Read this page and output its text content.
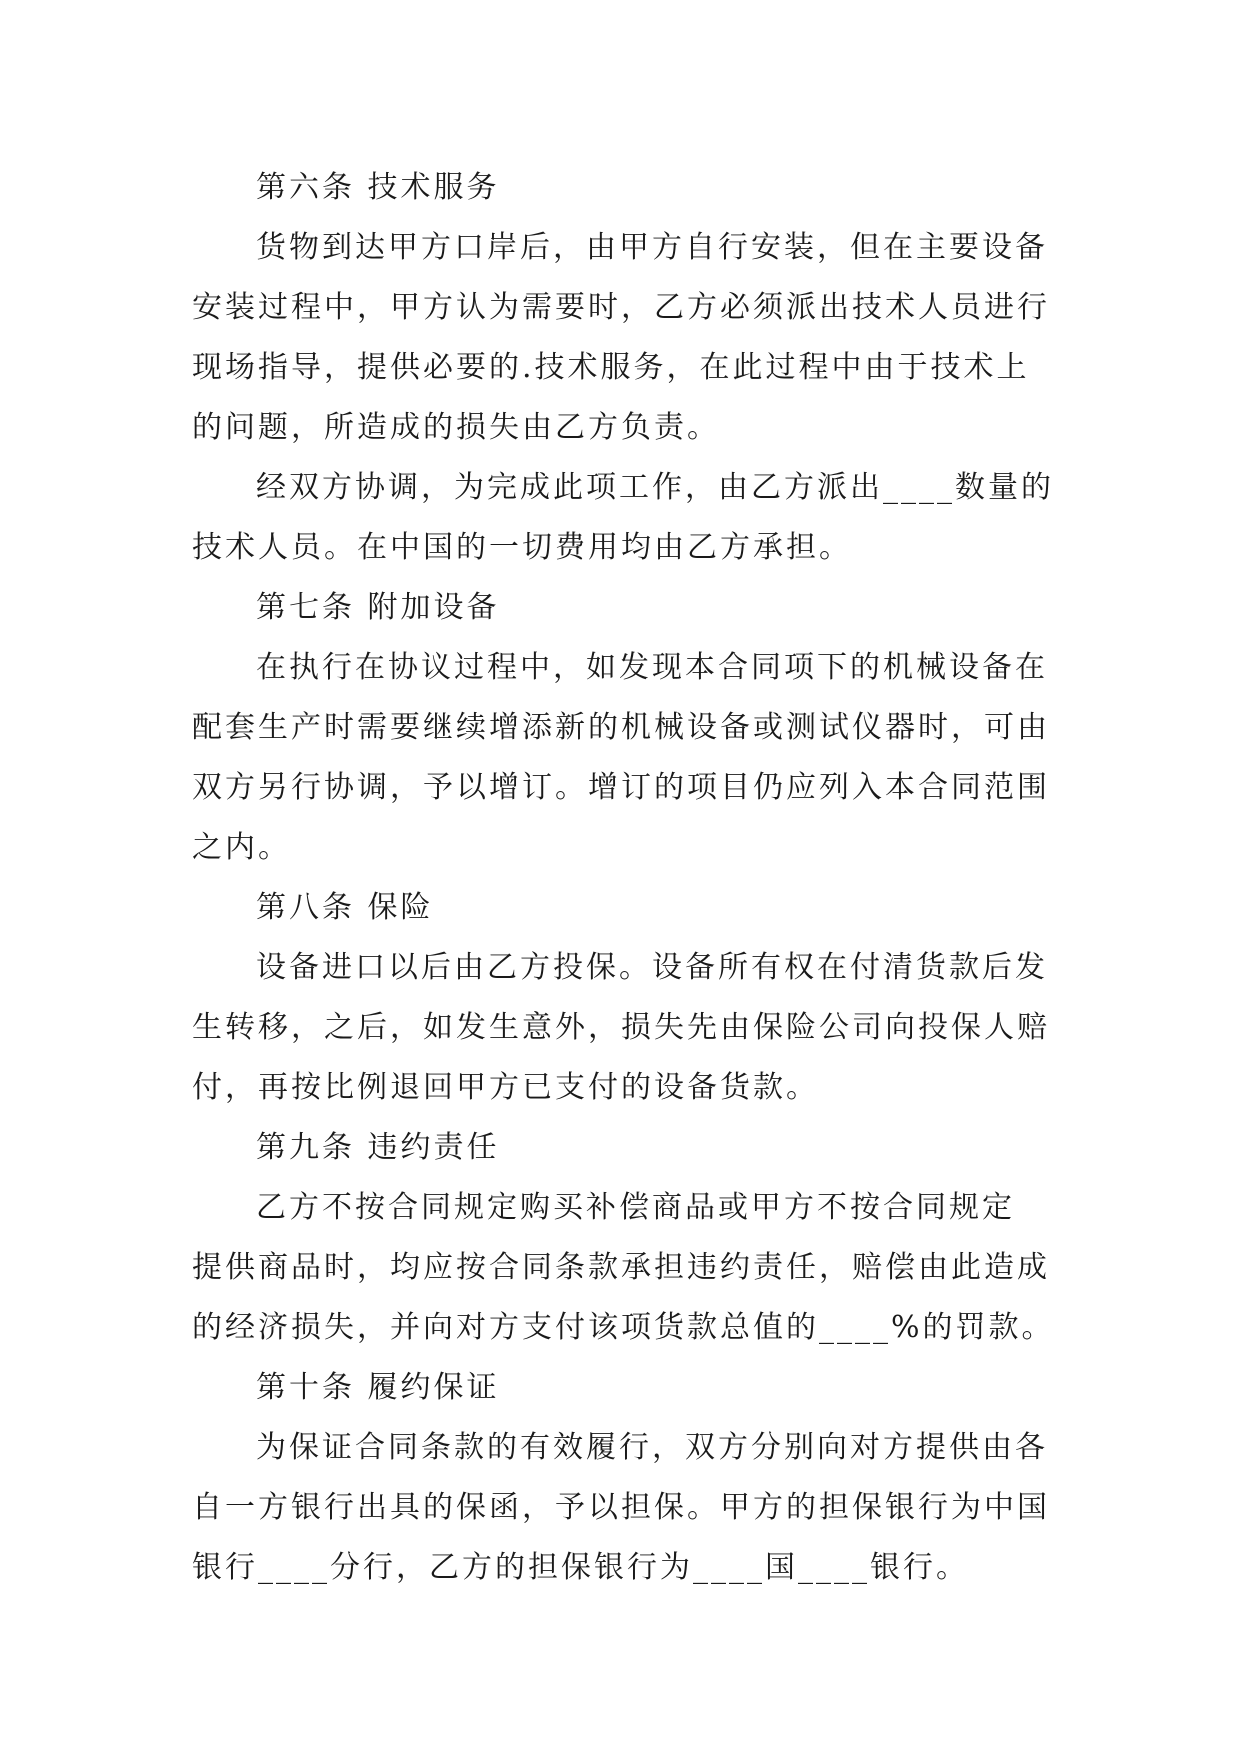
第六条 技术服务
货物到达甲方口岸后，由甲方自行安装，但在主要设备
安装过程中，甲方认为需要时，乙方必须派出技术人员进行
现场指导，提供必要的.技术服务，在此过程中由于技术上
的问题，所造成的损失由乙方负责。
经双方协调，为完成此项工作，由乙方派出____数量的
技术人员。在中国的一切费用均由乙方承担。
第七条 附加设备
在执行在协议过程中，如发现本合同项下的机械设备在
配套生产时需要继续增添新的机械设备或测试仪器时，可由
双方另行协调，予以增订。增订的项目仍应列入本合同范围
之内。
第八条 保险
设备进口以后由乙方投保。设备所有权在付清货款后发
生转移，之后，如发生意外，损失先由保险公司向投保人赔
付，再按比例退回甲方已支付的设备货款。
第九条 违约责任
乙方不按合同规定购买补偿商品或甲方不按合同规定
提供商品时，均应按合同条款承担违约责任，赔偿由此造成
的经济损失，并向对方支付该项货款总值的____%的罚款。
第十条 履约保证
为保证合同条款的有效履行，双方分别向对方提供由各
自一方银行出具的保函，予以担保。甲方的担保银行为中国
银行____分行，乙方的担保银行为____国____银行。
